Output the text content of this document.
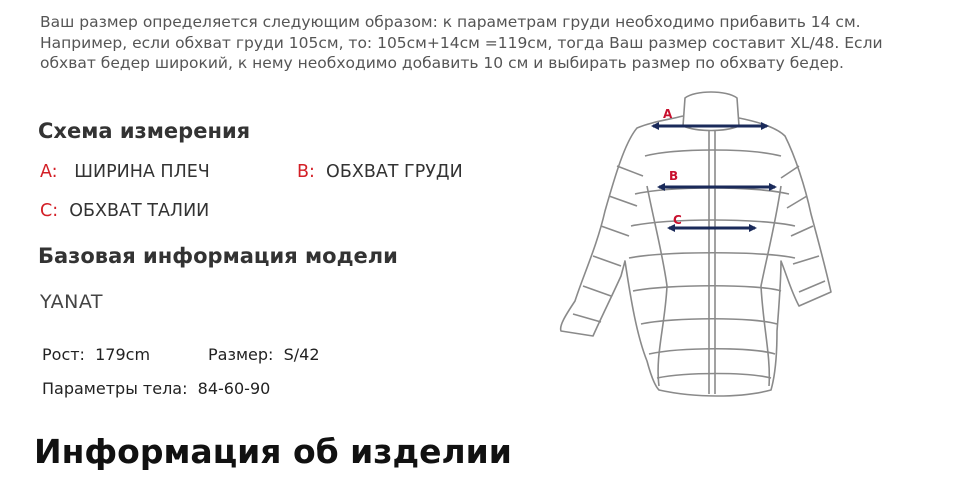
Ваш размер определяется следующим образом: к параметрам груди необходимо прибавить 14 см. Например, если обхват груди 105см, то: 105см+14см =119см, тогда Ваш размер составит XL/48. Если обхват бедер широкий, к нему необходимо добавить 10 см и выбирать размер по обхвату бедер.
Схема измерения
A: ШИРИНА ПЛЕЧ	B: ОБХВАТ ГРУДИ
C: ОБХВАТ ТАЛИИ
Базовая информация модели
YANAT
Рост: 179cm	Размер: S/42
Параметры тела: 84-60-90
Информация об изделии
A
B
C
